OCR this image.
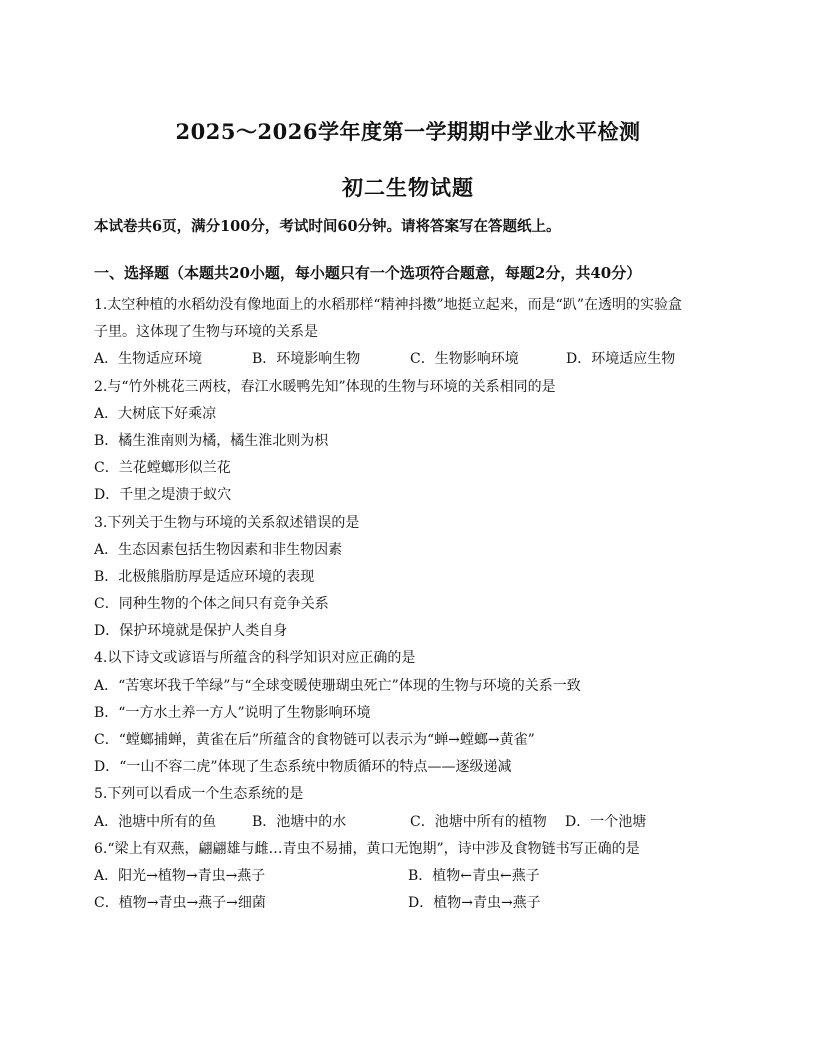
2025～2026学年度第一学期期中学业水平检测
初二生物试题
本试卷共6页，满分100分，考试时间60分钟。请将答案写在答题纸上。
一、选择题（本题共20小题，每小题只有一个选项符合题意，每题2分，共40分）
1.太空种植的水稻幼没有像地面上的水稻那样“精神抖擞”地挺立起来，而是“趴”在透明的实验盒
子里。这体现了生物与环境的关系是
A．生物适应环境	B．环境影响生物	C．生物影响环境	D．环境适应生物
2.与“竹外桃花三两枝，春江水暖鸭先知”体现的生物与环境的关系相同的是
A．大树底下好乘凉
B．橘生淮南则为橘，橘生淮北则为枳
C．兰花螳螂形似兰花
D．千里之堤溃于蚁穴
3.下列关于生物与环境的关系叙述错误的是
A．生态因素包括生物因素和非生物因素
B．北极熊脂肪厚是适应环境的表现
C．同种生物的个体之间只有竞争关系
D．保护环境就是保护人类自身
4.以下诗文或谚语与所蕴含的科学知识对应正确的是
A．“苦寒坏我千竿绿”与“全球变暖使珊瑚虫死亡”体现的生物与环境的关系一致
B．“一方水土养一方人”说明了生物影响环境
C．“螳螂捕蝉，黄雀在后”所蕴含的食物链可以表示为“蝉→螳螂→黄雀”
D．“一山不容二虎”体现了生态系统中物质循环的特点——逐级递减
5.下列可以看成一个生态系统的是
A．池塘中所有的鱼	B．池塘中的水	C．池塘中所有的植物	D．一个池塘
6.“梁上有双燕，翩翩雄与雌…青虫不易捕，黄口无饱期”，诗中涉及食物链书写正确的是
A．阳光→植物→青虫→燕子	B．植物←青虫←燕子
C．植物→青虫→燕子→细菌	D．植物→青虫→燕子
